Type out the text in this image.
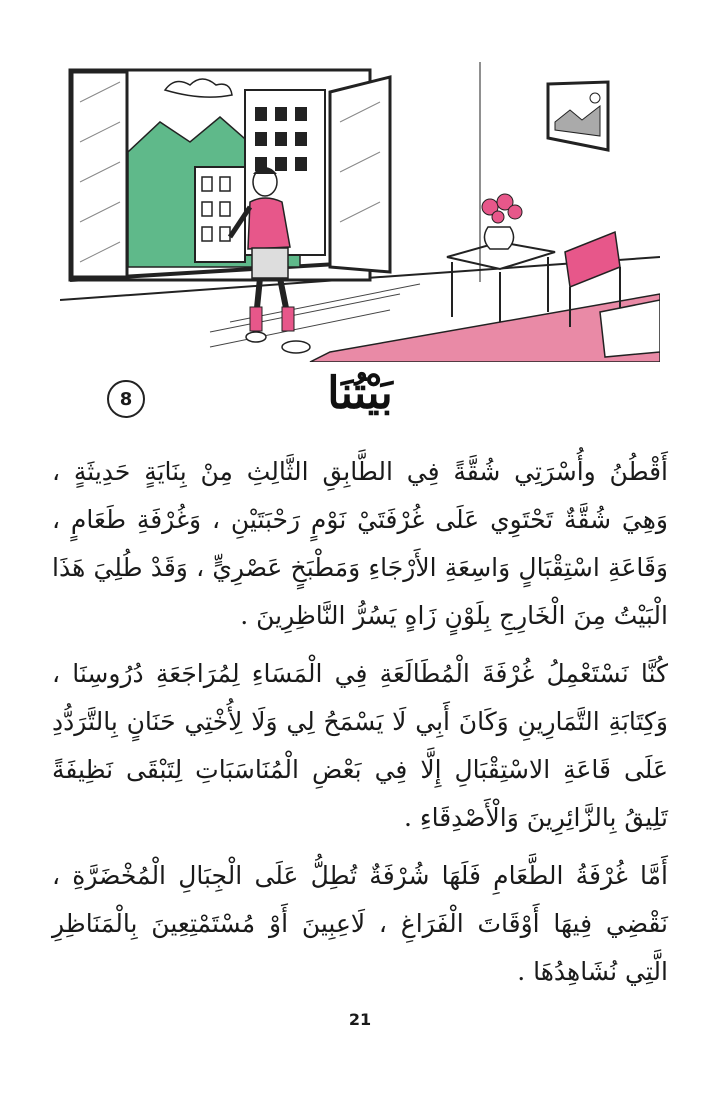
8	بَيْتُنَا

أَقْطُنُ وأُسْرَتِي شُقَّةً فِي الطَّابِقِ الثَّالِثِ مِنْ بِنَايَةٍ حَدِيثَةٍ ، وَهِيَ شُقَّةٌ تَحْتَوِي عَلَى غُرْفَتَيْ نَوْمٍ رَحْبَتَيْنِ ، وَغُرْفَةِ طَعَامٍ ، وَقَاعَةِ اسْتِقْبَالٍ وَاسِعَةِ الأَرْجَاءِ وَمَطْبَخٍ عَصْرِيٍّ ، وَقَدْ طُلِيَ هَذَا الْبَيْتُ مِنَ الْخَارِجِ بِلَوْنٍ زَاهٍ يَسُرُّ النَّاظِرِينَ .

كُنَّا نَسْتَعْمِلُ غُرْفَةَ الْمُطَالَعَةِ فِي الْمَسَاءِ لِمُرَاجَعَةِ دُرُوسِنَا ، وَكِتَابَةِ التَّمَارِينِ وَكَانَ أَبِي لَا يَسْمَحُ لِي وَلَا لِأُخْتِي حَنَانٍ بِالتَّرَدُّدِ عَلَى قَاعَةِ الاسْتِقْبَالِ إِلَّا فِي بَعْضِ الْمُنَاسَبَاتِ لِتَبْقَى نَظِيفَةً تَلِيقُ بِالزَّائِرِينَ وَالْأَصْدِقَاءِ .

أَمَّا غُرْفَةُ الطَّعَامِ فَلَهَا شُرْفَةٌ تُطِلُّ عَلَى الْجِبَالِ الْمُخْضَرَّةِ ، نَقْضِي فِيهَا أَوْقَاتَ الْفَرَاغِ ، لَاعِبِينَ أَوْ مُسْتَمْتِعِينَ بِالْمَنَاظِرِ الَّتِي نُشَاهِدُهَا .

21
